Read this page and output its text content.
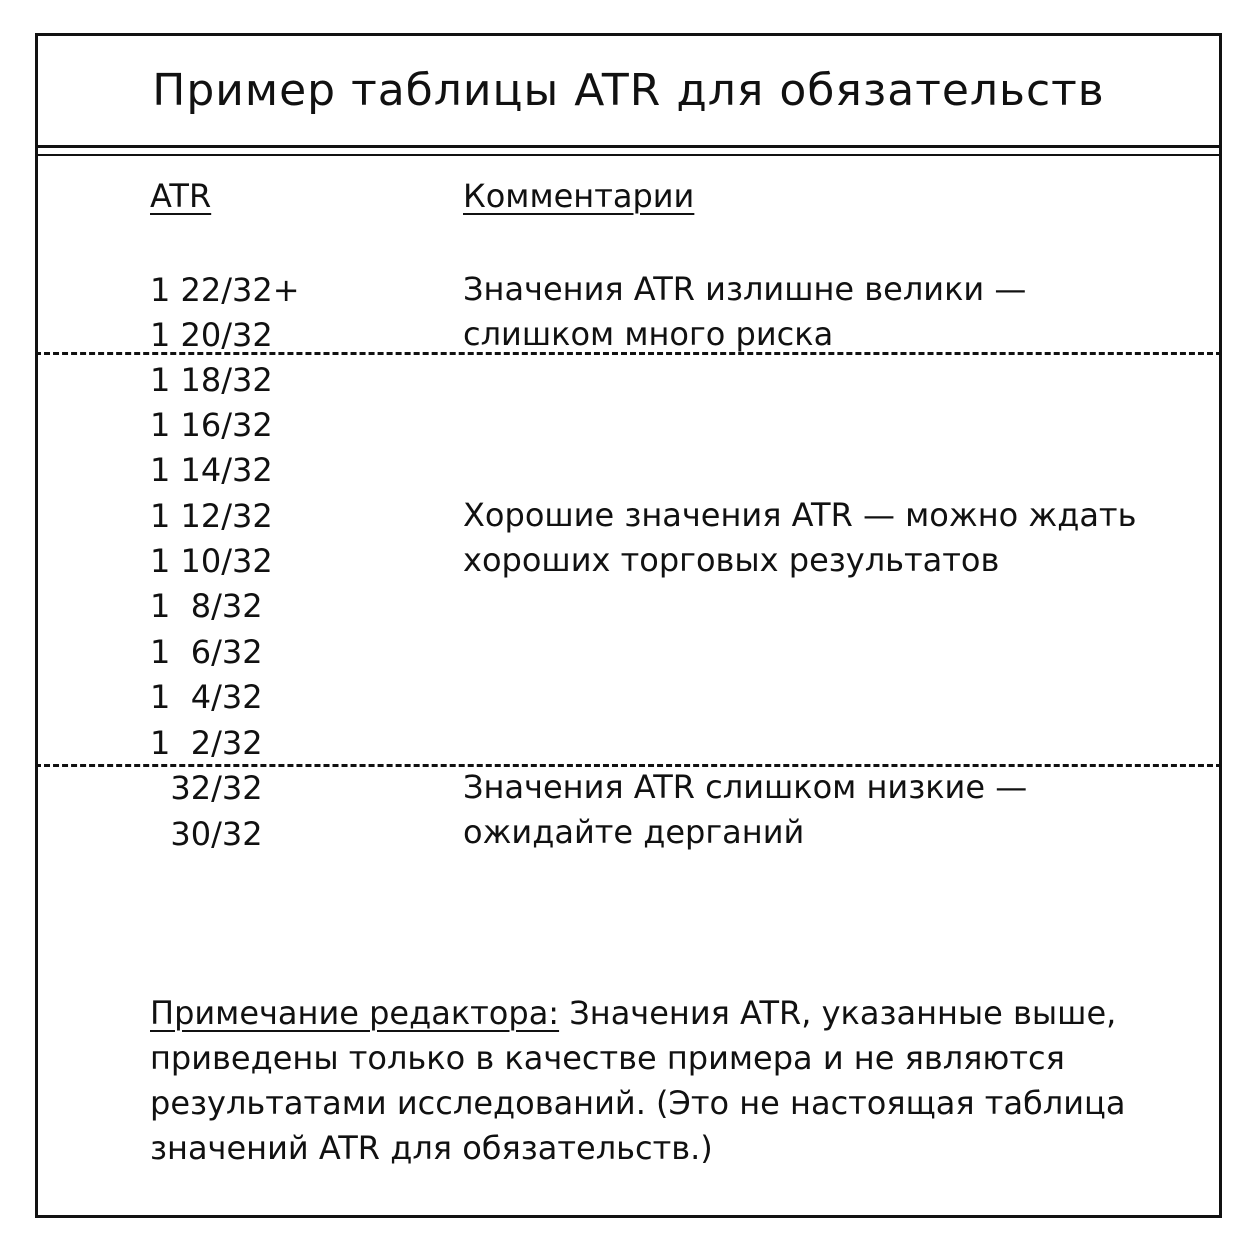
Пример таблицы ATR для обязательств
ATR	Комментарии
1 22/32+
1 20/32
1 18/32
1 16/32
1 14/32
1 12/32
1 10/32
1  8/32
1  6/32
1  4/32
1  2/32
32/32
30/32
Значения ATR излишне велики —
слишком много риска
Хорошие значения ATR — можно ждать
хороших торговых результатов
Значения ATR слишком низкие —
ожидайте дерганий
Примечание редактора: Значения ATR, указанные выше,
приведены только в качестве примера и не являются
результатами исследований. (Это не настоящая таблица
значений ATR для обязательств.)
